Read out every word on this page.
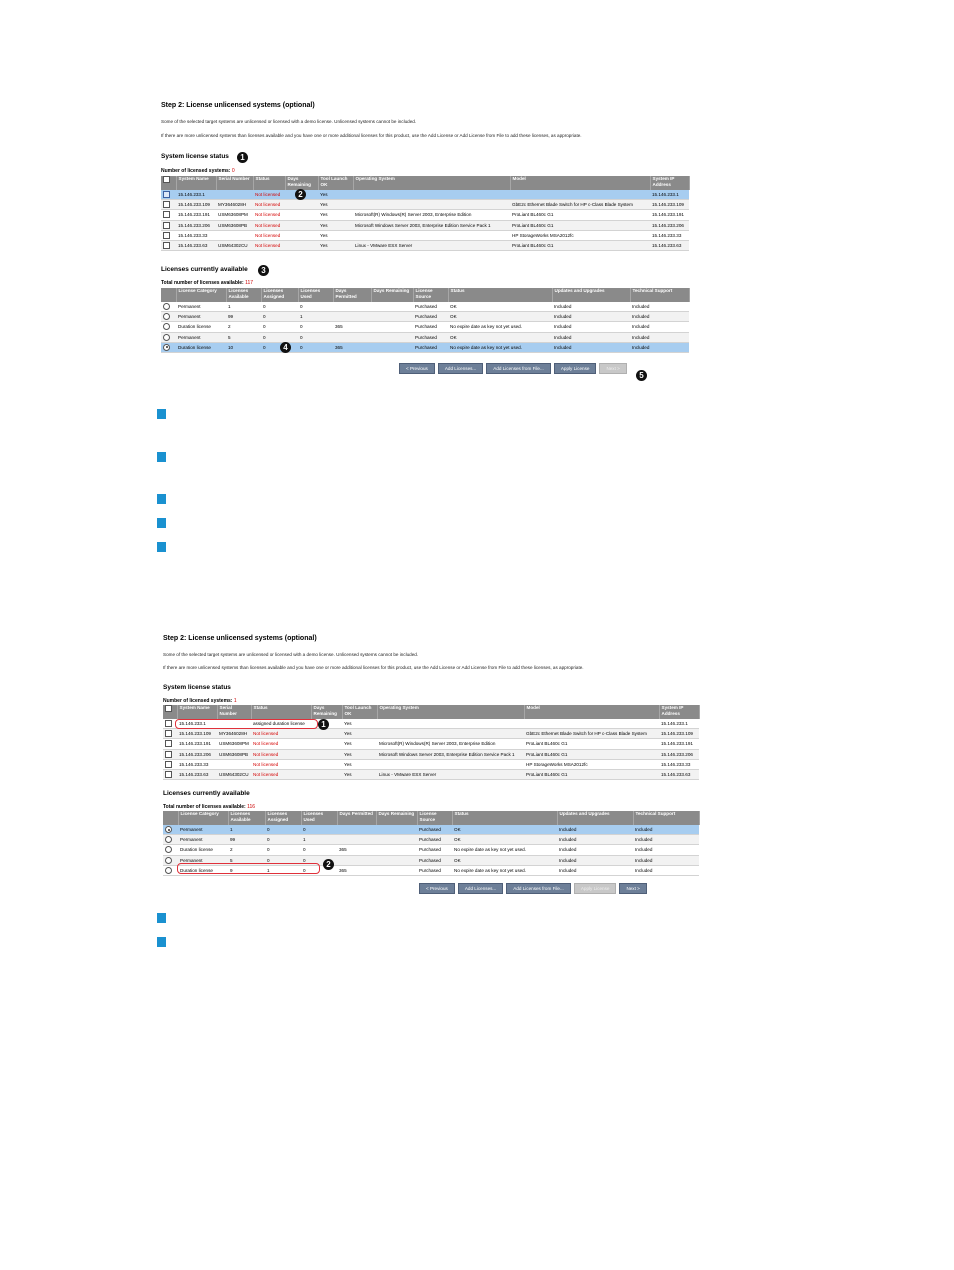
Step 2: License unlicensed systems (optional)
Some of the selected target systems are unlicensed or licensed with a demo license. Unlicensed systems cannot be included.
If there are more unlicensed systems than licenses available and you have one or more additional licenses for this product, use the Add License or Add License from File to add these licenses, as appropriate.
System license status
Number of licensed systems: 0
	System Name	Serial Number	Status	Days Remaining	Tool Launch OK	Operating System	Model	System IP Address
	15.146.233.1		Not licensed		Yes			15.146.233.1
	15.146.233.109	MY3646028H	Not licensed		Yes		GbE2c Ethernet Blade Switch for HP c-Class Blade System	15.146.233.109
	15.146.233.191	USM63608PM	Not licensed		Yes	Microsoft(R) Windows(R) Server 2003, Enterprise Edition	ProLiant BL460c G1	15.146.233.191
	15.146.233.206	USM63608PB	Not licensed		Yes	Microsoft Windows Server 2003, Enterprise Edition Service Pack 1	ProLiant BL460c G1	15.146.233.206
	15.146.233.33		Not licensed		Yes		HP StorageWorks MSA2012fc	15.146.233.33
	15.146.233.63	USM64302CU	Not licensed		Yes	Linux - VMware ESX Server	ProLiant BL460c G1	15.146.233.63
Licenses currently available
Total number of licenses available: 117
	License Category	Licenses Available	Licenses Assigned	Licenses Used	Days Permitted	Days Remaining	License Source	Status	Updates and Upgrades	Technical Support
	Permanent	1	0	0			Purchased	OK	Included	Included
	Permanent	99	0	1			Purchased	OK	Included	Included
	Duration license	2	0	0	365		Purchased	No expire date as key not yet used.	Included	Included
	Permanent	5	0	0			Purchased	OK	Included	Included
	Duration license	10	0	0	365		Purchased	No expire date as key not yet used.	Included	Included
< Previous	Add Licenses...	Add Licenses from File...	Apply License	Next >
1
2
3
4
5
Step 2: License unlicensed systems (optional)
Some of the selected target systems are unlicensed or licensed with a demo license. Unlicensed systems cannot be included.
If there are more unlicensed systems than licenses available and you have one or more additional licenses for this product, use the Add License or Add License from File to add these licenses, as appropriate.
System license status
Number of licensed systems: 1
	System Name	Serial Number	Status	Days Remaining	Tool Launch OK	Operating System	Model	System IP Address
	15.146.233.1		assigned duration license		Yes			15.146.233.1
	15.146.233.109	MY3646028H	Not licensed		Yes		GbE2c Ethernet Blade Switch for HP c-Class Blade System	15.146.233.109
	15.146.233.191	USM63608PM	Not licensed		Yes	Microsoft(R) Windows(R) Server 2003, Enterprise Edition	ProLiant BL460c G1	15.146.233.191
	15.146.233.206	USM63608PB	Not licensed		Yes	Microsoft Windows Server 2003, Enterprise Edition Service Pack 1	ProLiant BL460c G1	15.146.233.206
	15.146.233.33		Not licensed		Yes		HP StorageWorks MSA2012fc	15.146.233.33
	15.146.233.63	USM64302CU	Not licensed		Yes	Linux - VMware ESX Server	ProLiant BL460c G1	15.146.233.63
Licenses currently available
Total number of licenses available: 116
	License Category	Licenses Available	Licenses Assigned	Licenses Used	Days Permitted	Days Remaining	License Source	Status	Updates and Upgrades	Technical Support
	Permanent	1	0	0			Purchased	OK	Included	Included
	Permanent	99	0	1			Purchased	OK	Included	Included
	Duration license	2	0	0	365		Purchased	No expire date as key not yet used.	Included	Included
	Permanent	5	0	0			Purchased	OK	Included	Included
	Duration license	9	1	0	365		Purchased	No expire date as key not yet used.	Included	Included
< Previous	Add Licenses...	Add Licenses from File...	Apply License	Next >
1
2
